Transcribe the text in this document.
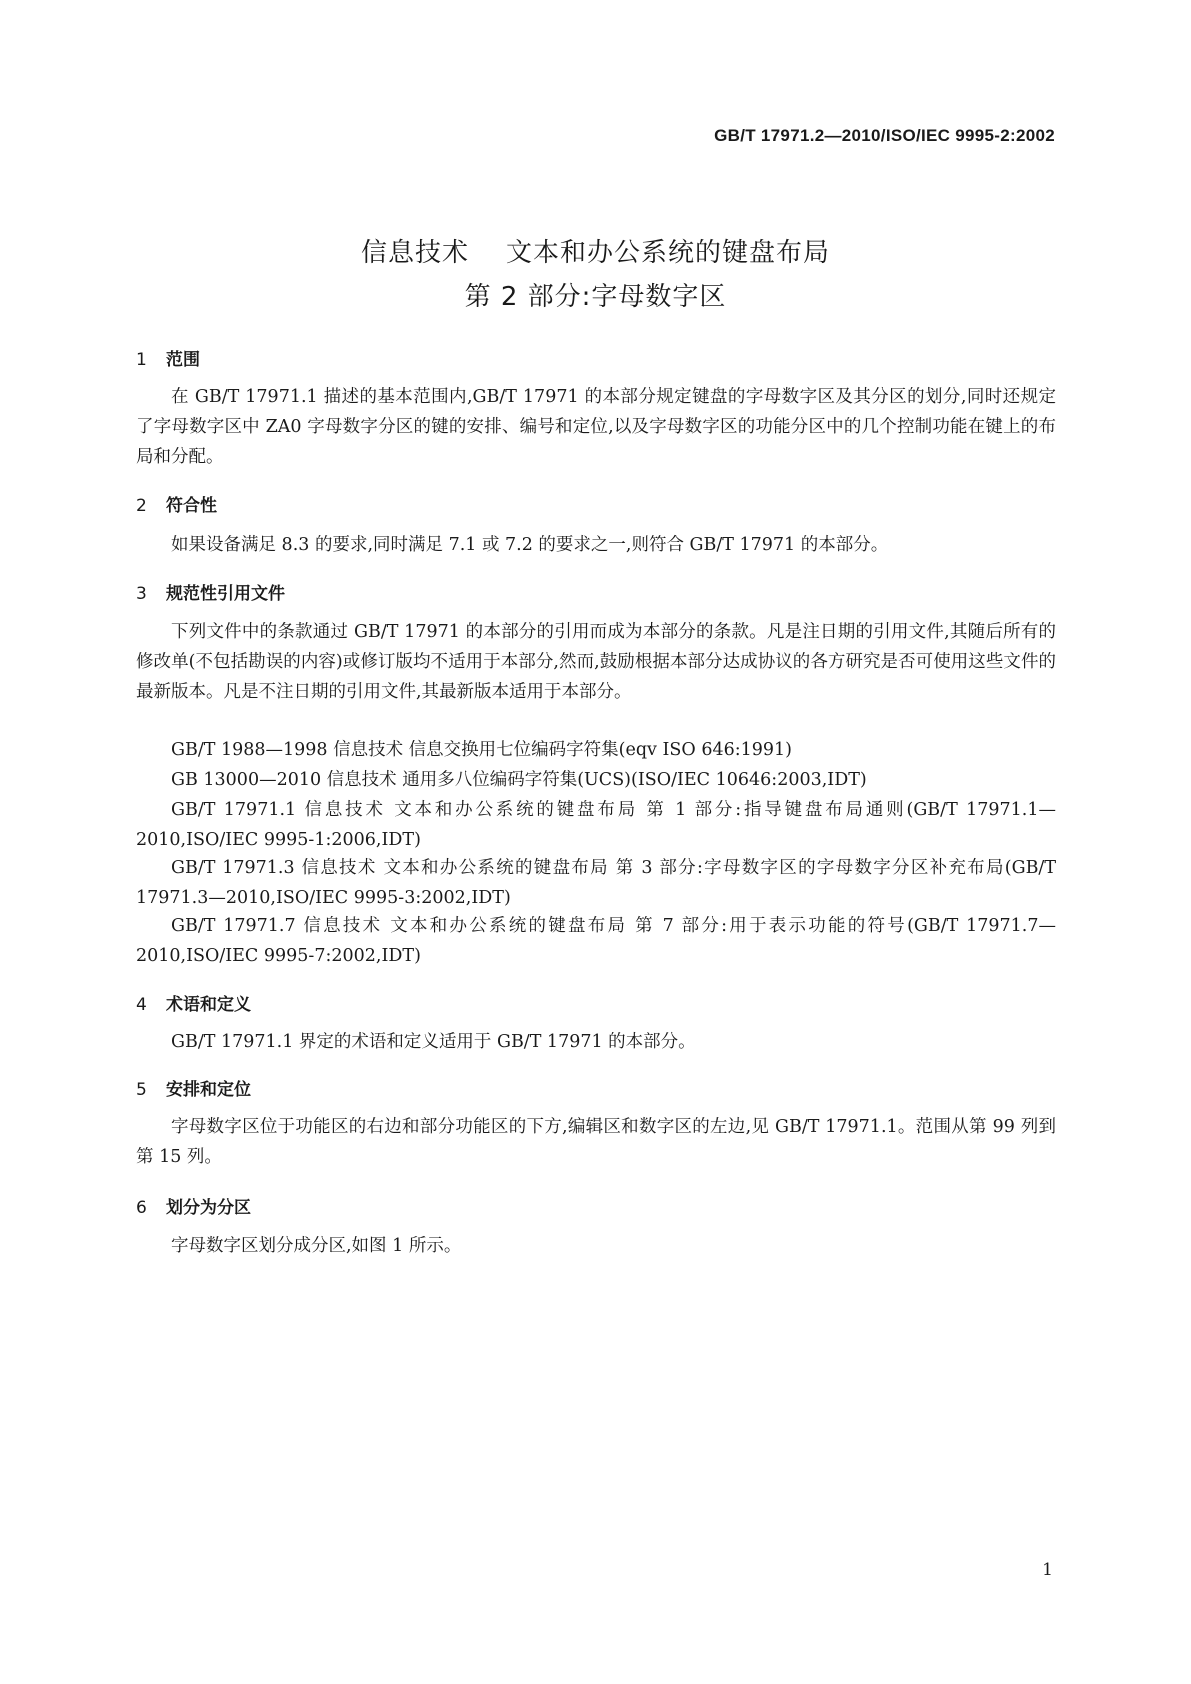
GB/T 17971.2—2010/ISO/IEC 9995-2:2002
信息技术    文本和办公系统的键盘布局
第 2 部分:字母数字区
1 范围
在 GB/T 17971.1 描述的基本范围内,GB/T 17971 的本部分规定键盘的字母数字区及其分区的划分,同时还规定了字母数字区中 ZA0 字母数字分区的键的安排、编号和定位,以及字母数字区的功能分区中的几个控制功能在键上的布局和分配。
2 符合性
如果设备满足 8.3 的要求,同时满足 7.1 或 7.2 的要求之一,则符合 GB/T 17971 的本部分。
3 规范性引用文件
下列文件中的条款通过 GB/T 17971 的本部分的引用而成为本部分的条款。凡是注日期的引用文件,其随后所有的修改单(不包括勘误的内容)或修订版均不适用于本部分,然而,鼓励根据本部分达成协议的各方研究是否可使用这些文件的最新版本。凡是不注日期的引用文件,其最新版本适用于本部分。
GB/T 1988—1998 信息技术 信息交换用七位编码字符集(eqv ISO 646:1991)
GB 13000—2010 信息技术 通用多八位编码字符集(UCS)(ISO/IEC 10646:2003,IDT)
GB/T 17971.1 信息技术 文本和办公系统的键盘布局 第 1 部分:指导键盘布局通则(GB/T 17971.1—2010,ISO/IEC 9995-1:2006,IDT)
GB/T 17971.3 信息技术 文本和办公系统的键盘布局 第 3 部分:字母数字区的字母数字分区补充布局(GB/T 17971.3—2010,ISO/IEC 9995-3:2002,IDT)
GB/T 17971.7 信息技术 文本和办公系统的键盘布局 第 7 部分:用于表示功能的符号(GB/T 17971.7—2010,ISO/IEC 9995-7:2002,IDT)
4 术语和定义
GB/T 17971.1 界定的术语和定义适用于 GB/T 17971 的本部分。
5 安排和定位
字母数字区位于功能区的右边和部分功能区的下方,编辑区和数字区的左边,见 GB/T 17971.1。范围从第 99 列到第 15 列。
6 划分为分区
字母数字区划分成分区,如图 1 所示。
1
